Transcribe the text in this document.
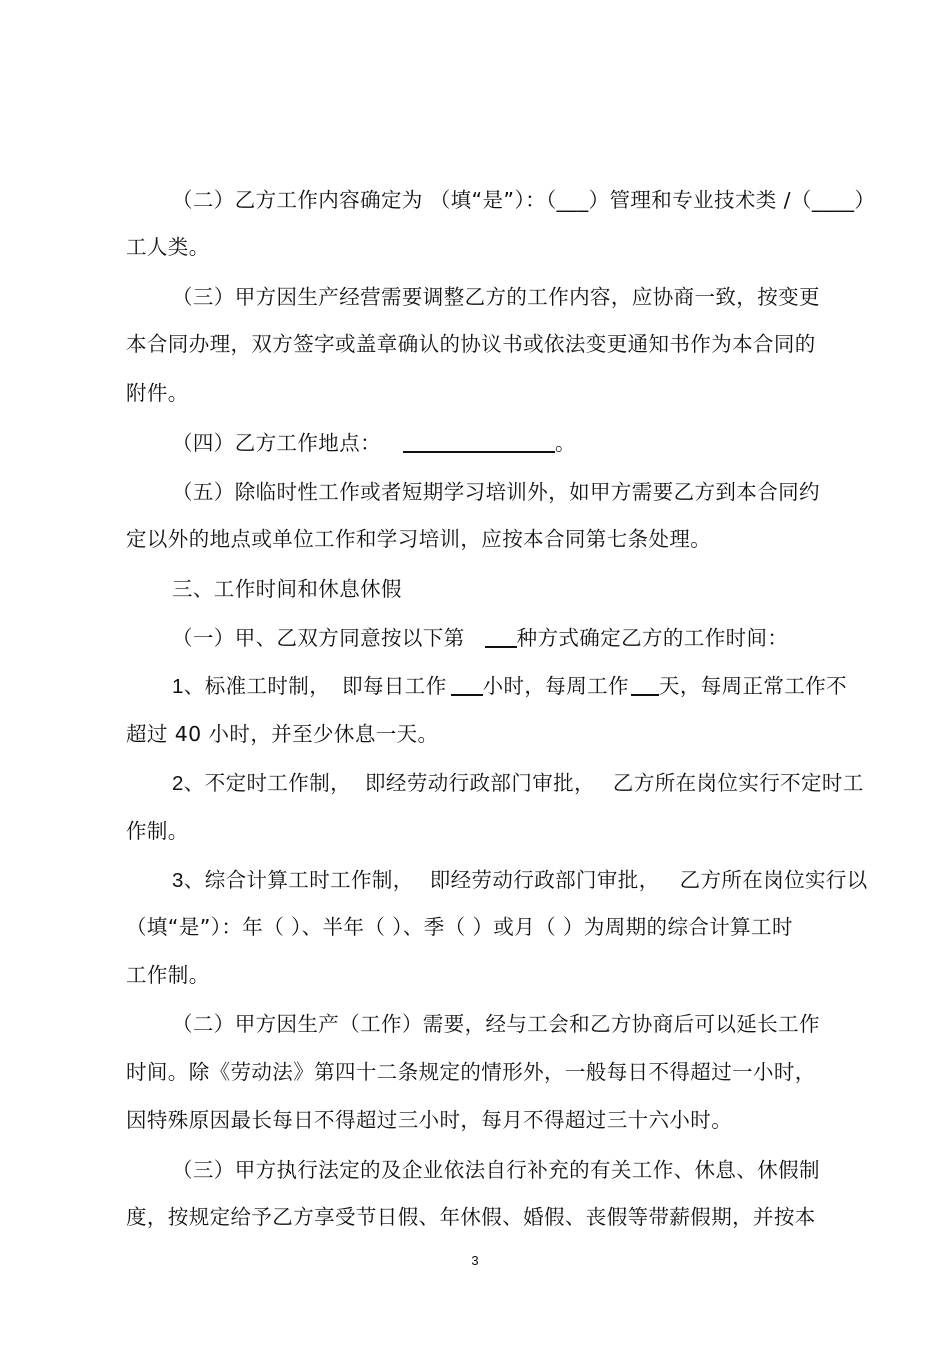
（二）乙方工作内容确定为 （填“是”）：（___）管理和专业技术类 /（____）
工人类。
（三）甲方因生产经营需要调整乙方的工作内容，应协商一致，按变更
本合同办理，双方签字或盖章确认的协议书或依法变更通知书作为本合同的
附件。
（四）乙方工作地点：	。
（五）除临时性工作或者短期学习培训外，如甲方需要乙方到本合同约
定以外的地点或单位工作和学习培训，应按本合同第七条处理。
三、工作时间和休息休假
（一）甲、乙双方同意按以下第	种方式确定乙方的工作时间：
1、标准工时制， 即每日工作 小时，每周工作 天，每周正常工作不
超过 40 小时，并至少休息一天。
2、不定时工作制， 即经劳动行政部门审批， 乙方所在岗位实行不定时工
作制。
3、综合计算工时工作制， 即经劳动行政部门审批， 乙方所在岗位实行以
（填“是”）：年（ ）、半年（ ）、季（ ）或月（ ）为周期的综合计算工时
工作制。
（二）甲方因生产（工作）需要，经与工会和乙方协商后可以延长工作
时间。除《劳动法》第四十二条规定的情形外，一般每日不得超过一小时，
因特殊原因最长每日不得超过三小时，每月不得超过三十六小时。
（三）甲方执行法定的及企业依法自行补充的有关工作、休息、休假制
度，按规定给予乙方享受节日假、年休假、婚假、丧假等带薪假期，并按本
3
